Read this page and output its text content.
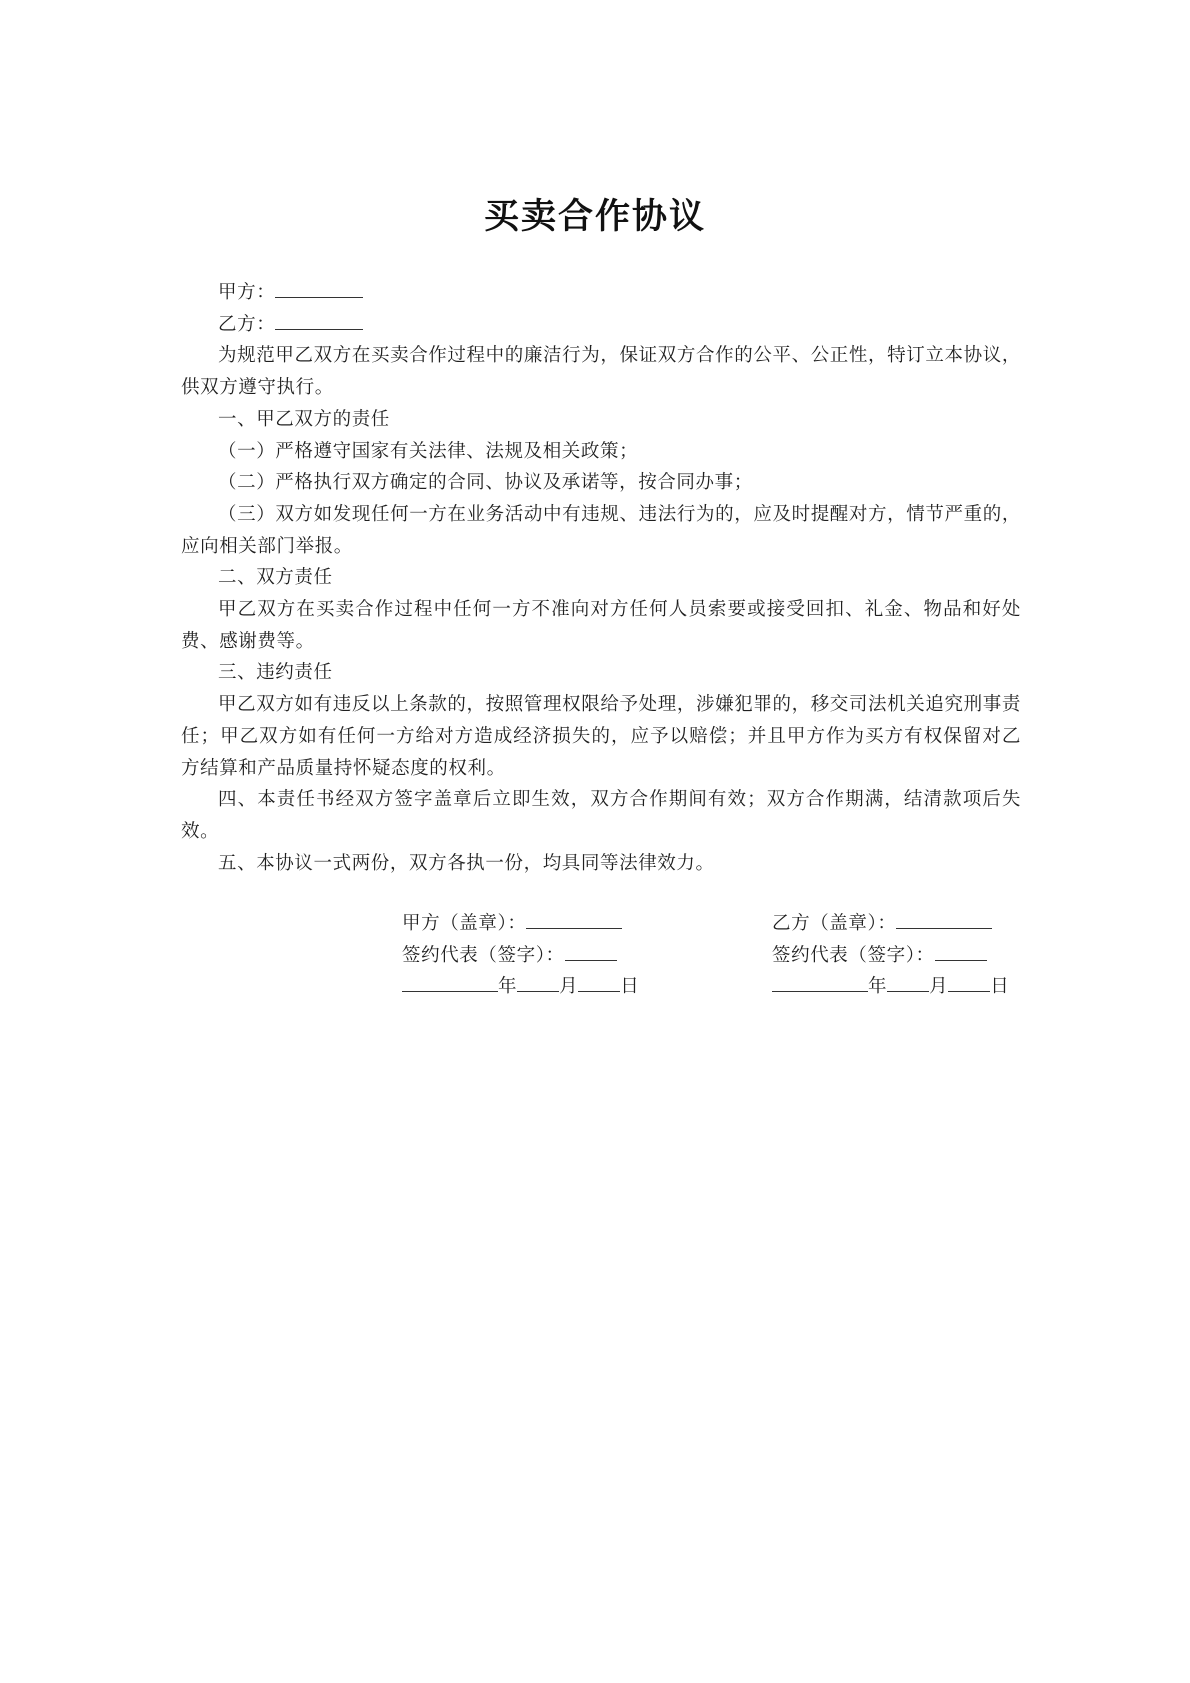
买卖合作协议

甲方：

乙方：

为规范甲乙双方在买卖合作过程中的廉洁行为，保证双方合作的公平、公正性，特订立本协议，供双方遵守执行。

一、甲乙双方的责任

（一）严格遵守国家有关法律、法规及相关政策；

（二）严格执行双方确定的合同、协议及承诺等，按合同办事；

（三）双方如发现任何一方在业务活动中有违规、违法行为的，应及时提醒对方，情节严重的，应向相关部门举报。

二、双方责任

甲乙双方在买卖合作过程中任何一方不准向对方任何人员索要或接受回扣、礼金、物品和好处费、感谢费等。

三、违约责任

甲乙双方如有违反以上条款的，按照管理权限给予处理，涉嫌犯罪的，移交司法机关追究刑事责任；甲乙双方如有任何一方给对方造成经济损失的，应予以赔偿；并且甲方作为买方有权保留对乙方结算和产品质量持怀疑态度的权利。

四、本责任书经双方签字盖章后立即生效，双方合作期间有效；双方合作期满，结清款项后失效。

五、本协议一式两份，双方各执一份，均具同等法律效力。

甲方（盖章）：
签约代表（签字）：
年 月 日
乙方（盖章）：
签约代表（签字）：
年 月 日
